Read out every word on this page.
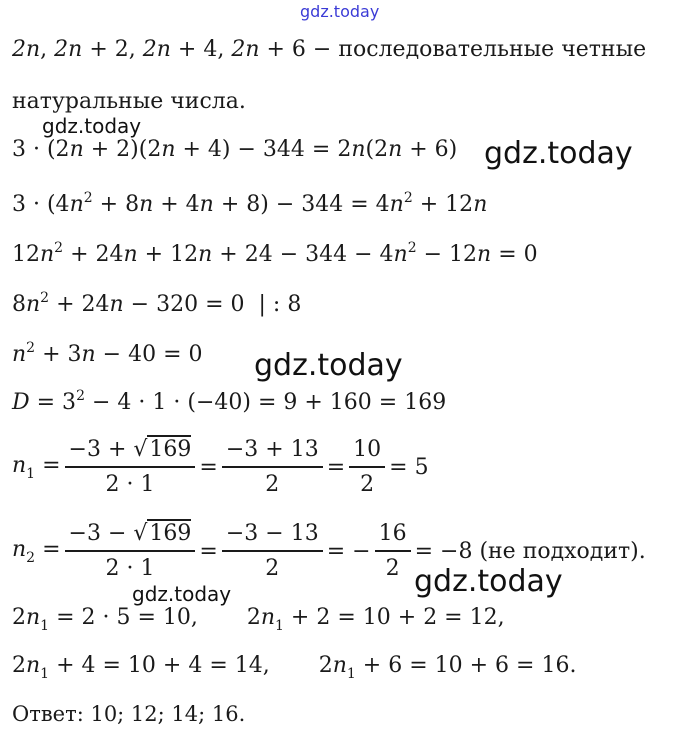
gdz.today
2n, 2n + 2, 2n + 4, 2n + 6 − последовательные четные
натуральные числа.
gdz.today
3 · (2n + 2)(2n + 4) − 344 = 2n(2n + 6) gdz.today
$3 \cdot (4n^2 + 8n + 4n + 8) - 344 = 4n^2 + 12n$
$12n^2 + 24n + 12n + 24 - 344 - 4n^2 - 12n = 0$
$8n^2 + 24n - 320 = 0$  | : 8
$n^2 + 3n - 40 = 0$ gdz.today
$D = 3^2 - 4 \cdot 1 \cdot (-40) = 9 + 160 = 169$
$n_1 = \frac{-3 + √169}{2 \cdot 1} = \frac{-3 + 13}{2} = \frac{10}{2} = 5$
$n_2 = \frac{-3 - √169}{2 \cdot 1} = \frac{-3 - 13}{2}$ = − $\frac{16}{2} = -8$ (не подходит).
gdz.today
gdz.today
$2n_1 = 2 \cdot 5 = 10$,       $2n_1 + 2 = 10 + 2 = 12$,
$2n_1 + 4 = 10 + 4 = 14$,       $2n_1 + 6 = 10 + 6 = 16$.
Ответ: 10; 12; 14; 16.
